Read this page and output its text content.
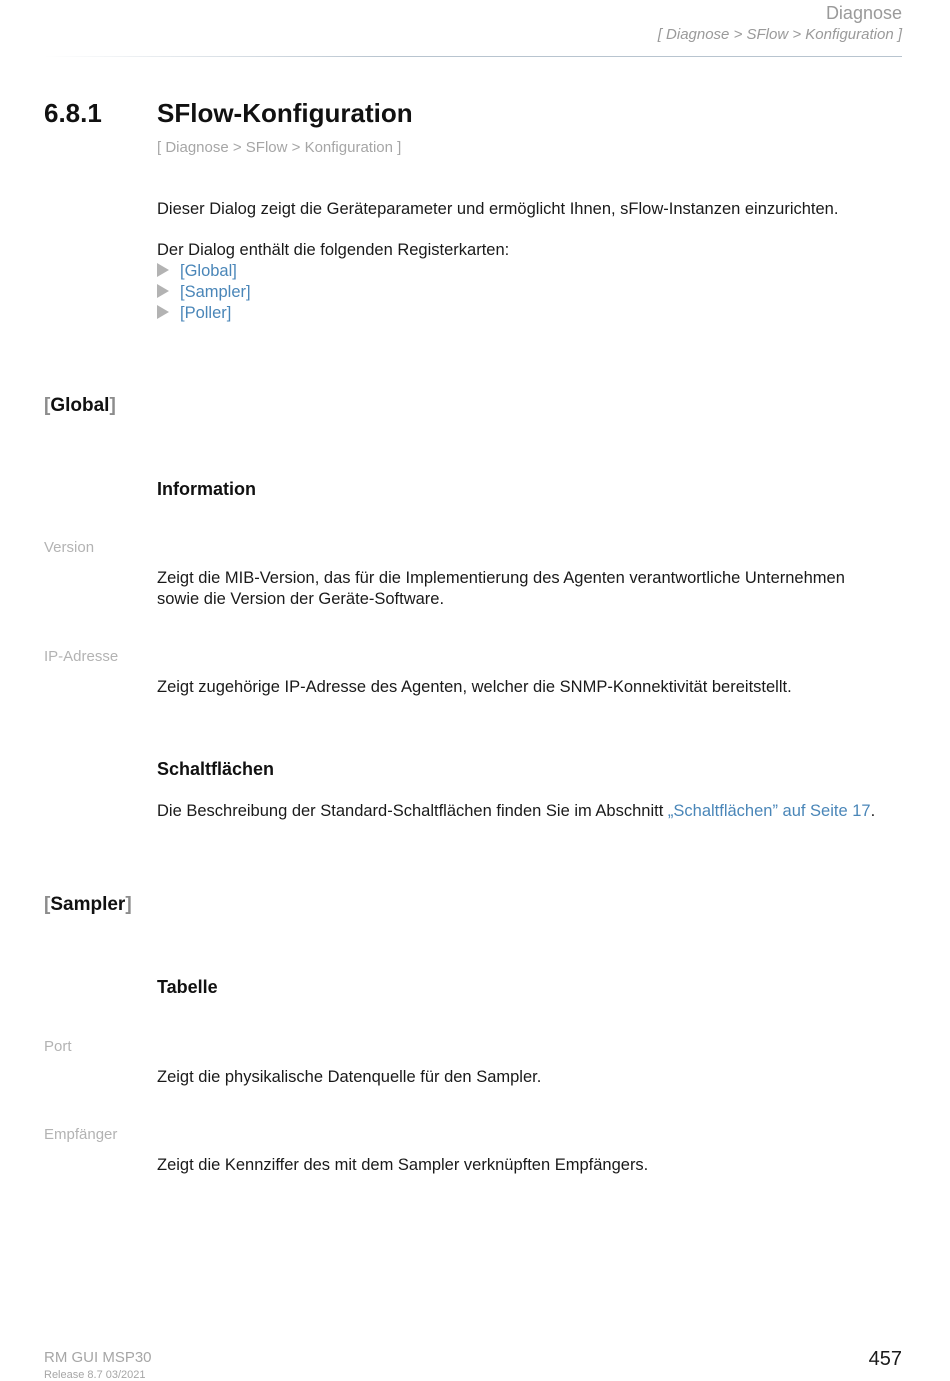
Diagnose
[ Diagnose > SFlow > Konfiguration ]
6.8.1 SFlow-Konfiguration
[ Diagnose > SFlow > Konfiguration ]
Dieser Dialog zeigt die Geräteparameter und ermöglicht Ihnen, sFlow-Instanzen einzurichten.
Der Dialog enthält die folgenden Registerkarten:
[Global]
[Sampler]
[Poller]
[Global]
Information
Version
Zeigt die MIB-Version, das für die Implementierung des Agenten verantwortliche Unternehmen
sowie die Version der Geräte-Software.
IP-Adresse
Zeigt zugehörige IP-Adresse des Agenten, welcher die SNMP-Konnektivität bereitstellt.
Schaltflächen
Die Beschreibung der Standard-Schaltflächen finden Sie im Abschnitt „Schaltflächen” auf Seite 17.
[Sampler]
Tabelle
Port
Zeigt die physikalische Datenquelle für den Sampler.
Empfänger
Zeigt die Kennziffer des mit dem Sampler verknüpften Empfängers.
RM GUI MSP30
Release 8.7 03/2021
457
